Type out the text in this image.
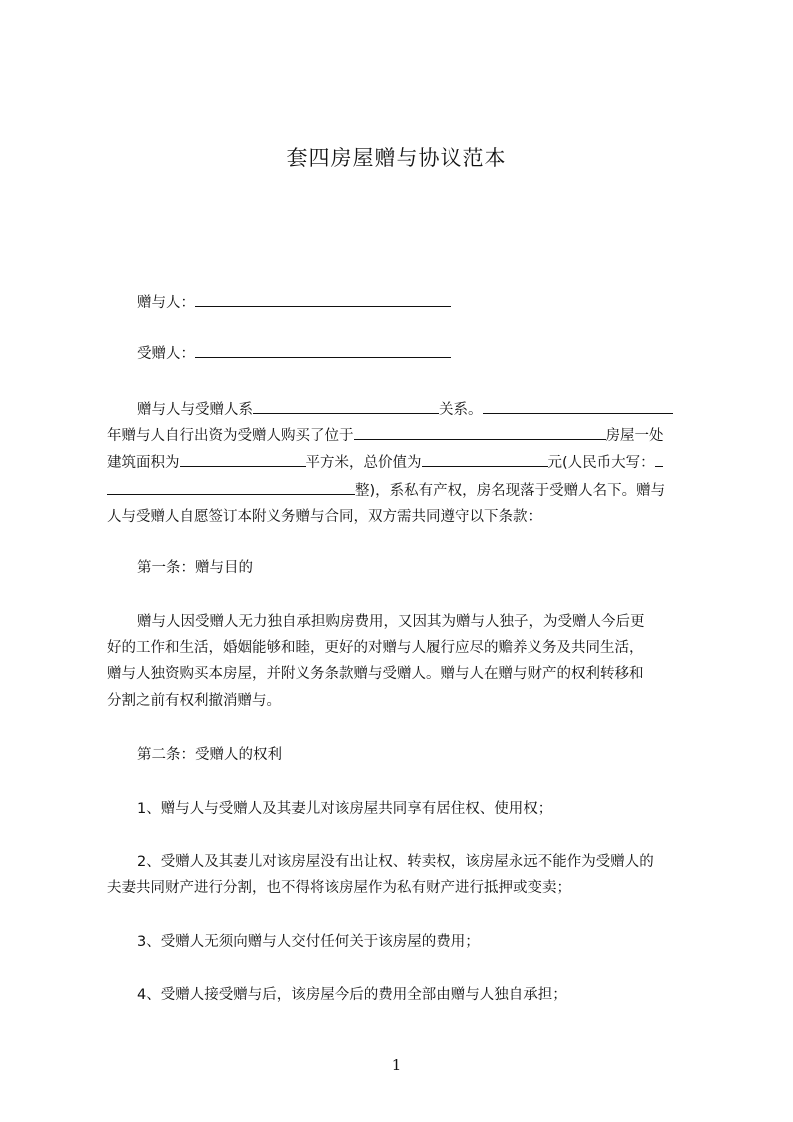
套四房屋赠与协议范本
赠与人：
受赠人：
赠与人与受赠人系	关系。
年赠与人自行出资为受赠人购买了位于	房屋一处
建筑面积为	平方米，总价值为	元(人民币大写：
整)，系私有产权，房名现落于受赠人名下。赠与
人与受赠人自愿签订本附义务赠与合同，双方需共同遵守以下条款：
第一条：赠与目的
赠与人因受赠人无力独自承担购房费用，又因其为赠与人独子，为受赠人今后更
好的工作和生活，婚姻能够和睦，更好的对赠与人履行应尽的赡养义务及共同生活，
赠与人独资购买本房屋，并附义务条款赠与受赠人。赠与人在赠与财产的权利转移和
分割之前有权利撤消赠与。
第二条：受赠人的权利
1、赠与人与受赠人及其妻儿对该房屋共同享有居住权、使用权；
2、受赠人及其妻儿对该房屋没有出让权、转卖权，该房屋永远不能作为受赠人的
夫妻共同财产进行分割，也不得将该房屋作为私有财产进行抵押或变卖；
3、受赠人无须向赠与人交付任何关于该房屋的费用；
4、受赠人接受赠与后，该房屋今后的费用全部由赠与人独自承担；
1
